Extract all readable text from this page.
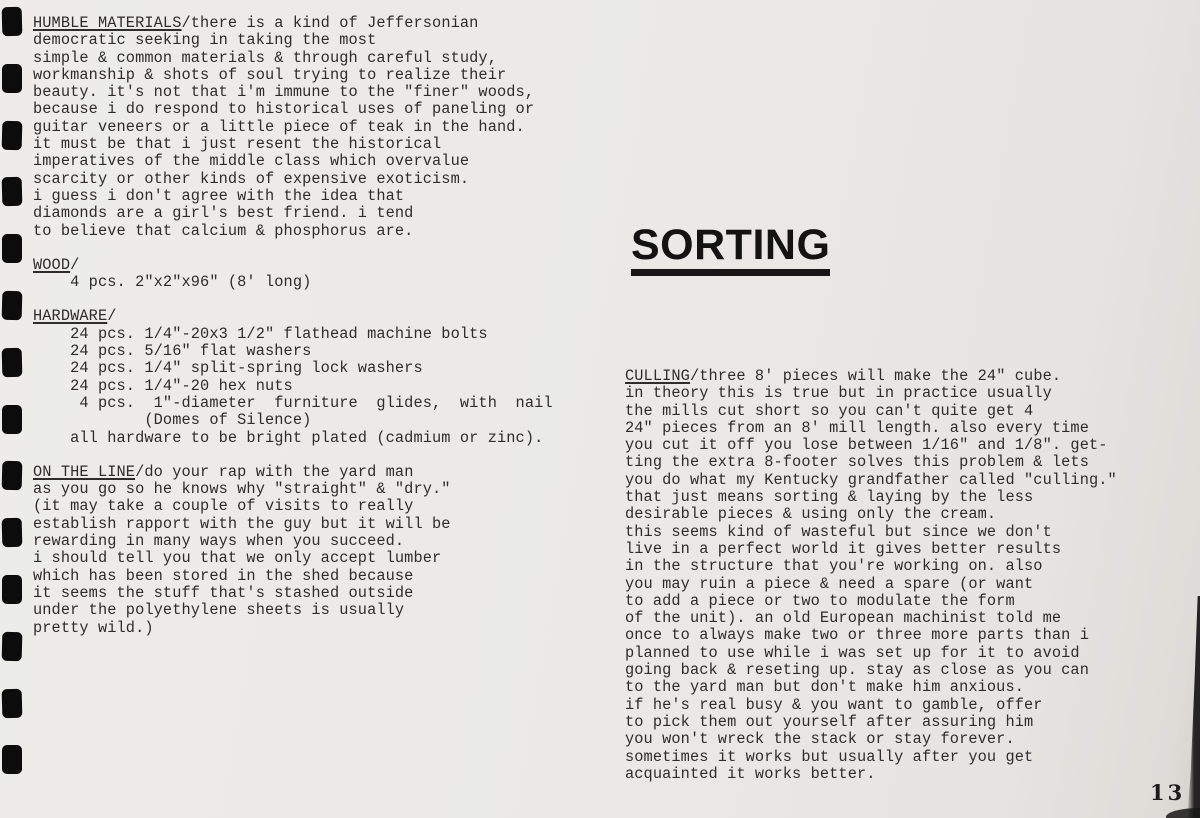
HUMBLE MATERIALS/there is a kind of Jeffersonian
democratic seeking in taking the most
simple & common materials & through careful study,
workmanship & shots of soul trying to realize their
beauty. it's not that i'm immune to the "finer" woods,
because i do respond to historical uses of paneling or
guitar veneers or a little piece of teak in the hand.
it must be that i just resent the historical
imperatives of the middle class which overvalue
scarcity or other kinds of expensive exoticism.
i guess i don't agree with the idea that
diamonds are a girl's best friend. i tend
to believe that calcium & phosphorus are.
WOOD/
4 pcs. 2"x2"x96" (8' long)
HARDWARE/
24 pcs. 1/4"-20x3 1/2" flathead machine bolts
24 pcs. 5/16" flat washers
24 pcs. 1/4" split-spring lock washers
24 pcs. 1/4"-20 hex nuts
4 pcs.  1"-diameter  furniture  glides,  with  nail
(Domes of Silence)
all hardware to be bright plated (cadmium or zinc).
ON THE LINE/do your rap with the yard man
as you go so he knows why "straight" & "dry."
(it may take a couple of visits to really
establish rapport with the guy but it will be
rewarding in many ways when you succeed.
i should tell you that we only accept lumber
which has been stored in the shed because
it seems the stuff that's stashed outside
under the polyethylene sheets is usually
pretty wild.)
SORTING
CULLING/three 8' pieces will make the 24" cube.
in theory this is true but in practice usually
the mills cut short so you can't quite get 4
24" pieces from an 8' mill length. also every time
you cut it off you lose between 1/16" and 1/8". get-
ting the extra 8-footer solves this problem & lets
you do what my Kentucky grandfather called "culling."
that just means sorting & laying by the less
desirable pieces & using only the cream.
this seems kind of wasteful but since we don't
live in a perfect world it gives better results
in the structure that you're working on. also
you may ruin a piece & need a spare (or want
to add a piece or two to modulate the form
of the unit). an old European machinist told me
once to always make two or three more parts than i
planned to use while i was set up for it to avoid
going back & reseting up. stay as close as you can
to the yard man but don't make him anxious.
if he's real busy & you want to gamble, offer
to pick them out yourself after assuring him
you won't wreck the stack or stay forever.
sometimes it works but usually after you get
acquainted it works better.
13
